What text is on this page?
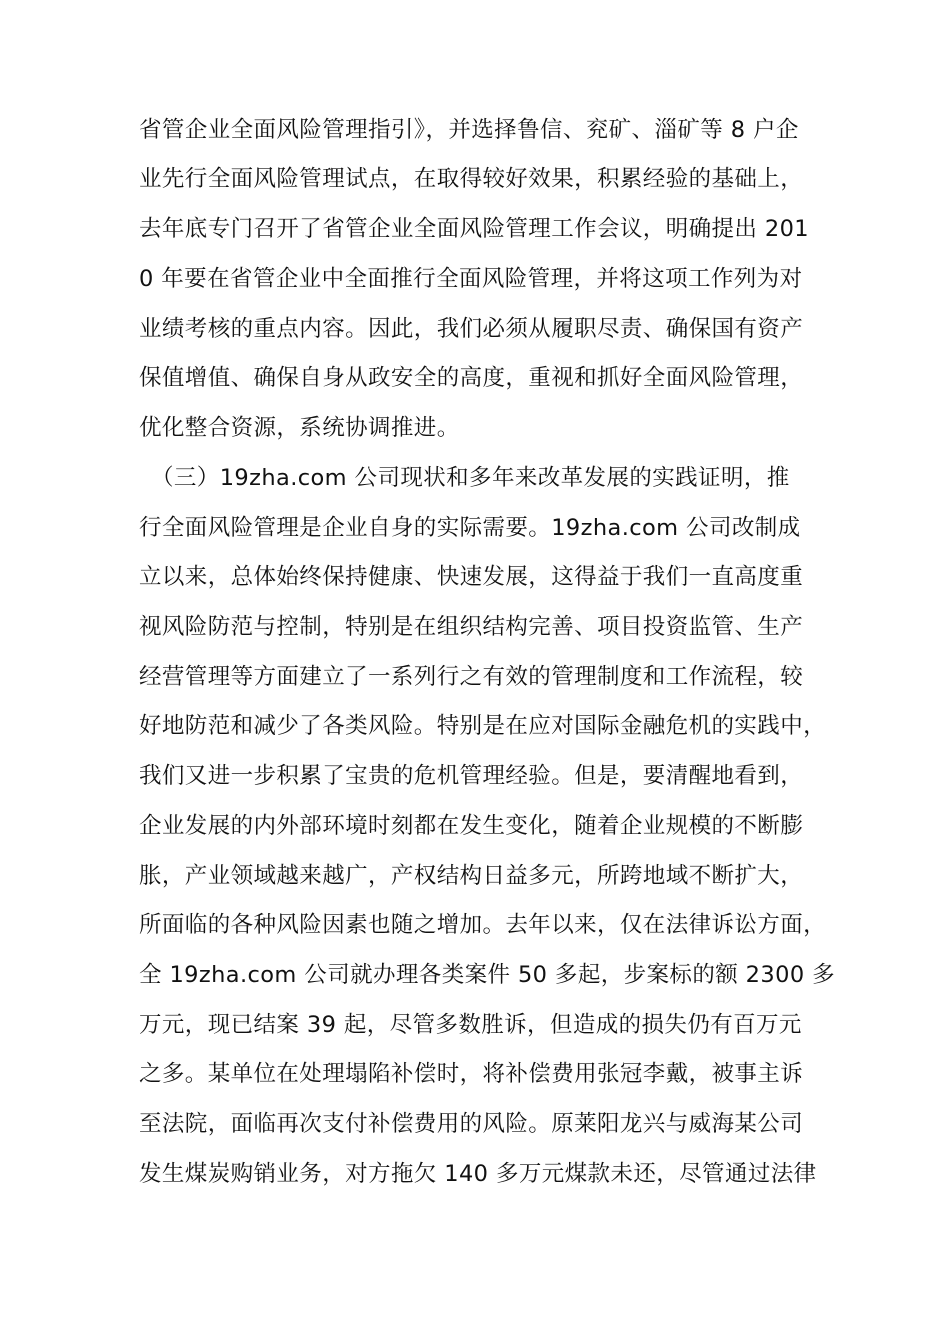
省管企业全面风险管理指引》，并选择鲁信、兖矿、淄矿等 8 户企
业先行全面风险管理试点，在取得较好效果，积累经验的基础上，
去年底专门召开了省管企业全面风险管理工作会议，明确提出 201
0 年要在省管企业中全面推行全面风险管理，并将这项工作列为对
业绩考核的重点内容。因此，我们必须从履职尽责、确保国有资产
保值增值、确保自身从政安全的高度，重视和抓好全面风险管理，
优化整合资源，系统协调推进。
（三）19zha.com 公司现状和多年来改革发展的实践证明，推
行全面风险管理是企业自身的实际需要。19zha.com 公司改制成
立以来，总体始终保持健康、快速发展，这得益于我们一直高度重
视风险防范与控制，特别是在组织结构完善、项目投资监管、生产
经营管理等方面建立了一系列行之有效的管理制度和工作流程，较
好地防范和减少了各类风险。特别是在应对国际金融危机的实践中，
我们又进一步积累了宝贵的危机管理经验。但是，要清醒地看到，
企业发展的内外部环境时刻都在发生变化，随着企业规模的不断膨
胀，产业领域越来越广，产权结构日益多元，所跨地域不断扩大，
所面临的各种风险因素也随之增加。去年以来，仅在法律诉讼方面，
全 19zha.com 公司就办理各类案件 50 多起，步案标的额 2300 多
万元，现已结案 39 起，尽管多数胜诉，但造成的损失仍有百万元
之多。某单位在处理塌陷补偿时，将补偿费用张冠李戴，被事主诉
至法院，面临再次支付补偿费用的风险。原莱阳龙兴与威海某公司
发生煤炭购销业务，对方拖欠 140 多万元煤款未还，尽管通过法律
